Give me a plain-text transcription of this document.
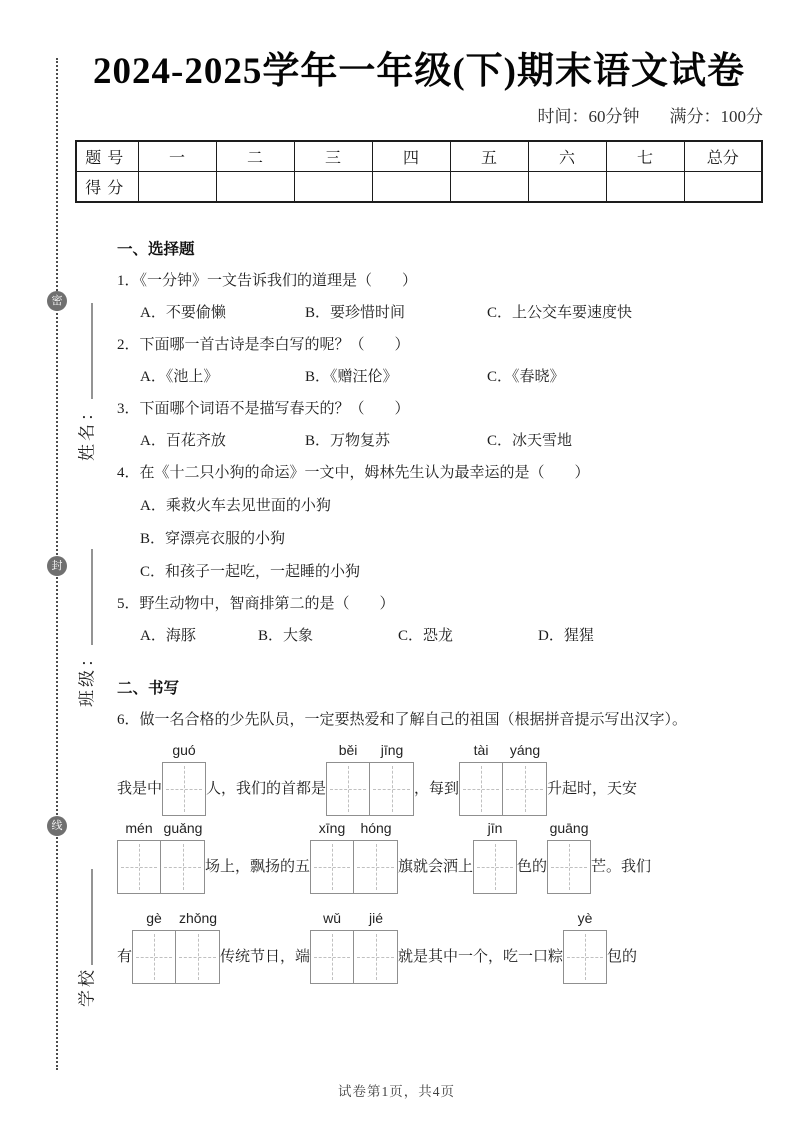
密
封
线
姓名：
班级：
学校
2024-2025学年一年级(下)期末语文试卷
时间：60分钟 满分：100分
题号	一	二	三	四	五	六	七	总分
得分								
一、选择题
1．《一分钟》一文告诉我们的道理是（　　）
A．不要偷懒	B．要珍惜时间	C．上公交车要速度快
2．下面哪一首古诗是李白写的呢？（　　）
A．《池上》	B．《赠汪伦》	C．《春晓》
3．下面哪个词语不是描写春天的？（　　）
A．百花齐放	B．万物复苏	C．冰天雪地
4．在《十二只小狗的命运》一文中，姆林先生认为最幸运的是（　　）
A．乘救火车去见世面的小狗
B．穿漂亮衣服的小狗
C．和孩子一起吃，一起睡的小狗
5．野生动物中，智商排第二的是（　　）
A．海豚	B．大象	C．恐龙	D．猩猩
二、书写
6．做一名合格的少先队员，一定要热爱和了解自己的祖国（根据拼音提示写出汉字）。
我是中
guó
人，我们的首都是
běi jīng
，每到
tài yáng
升起时，天安
mén guǎng
场上，飘扬的五
xīng hóng
旗就会洒上
jīn
色的
guāng
芒。我们
有
gè zhǒng
传统节日，端
wǔ jié
就是其中一个，吃一口粽
yè
包的
试卷第1页，共4页
